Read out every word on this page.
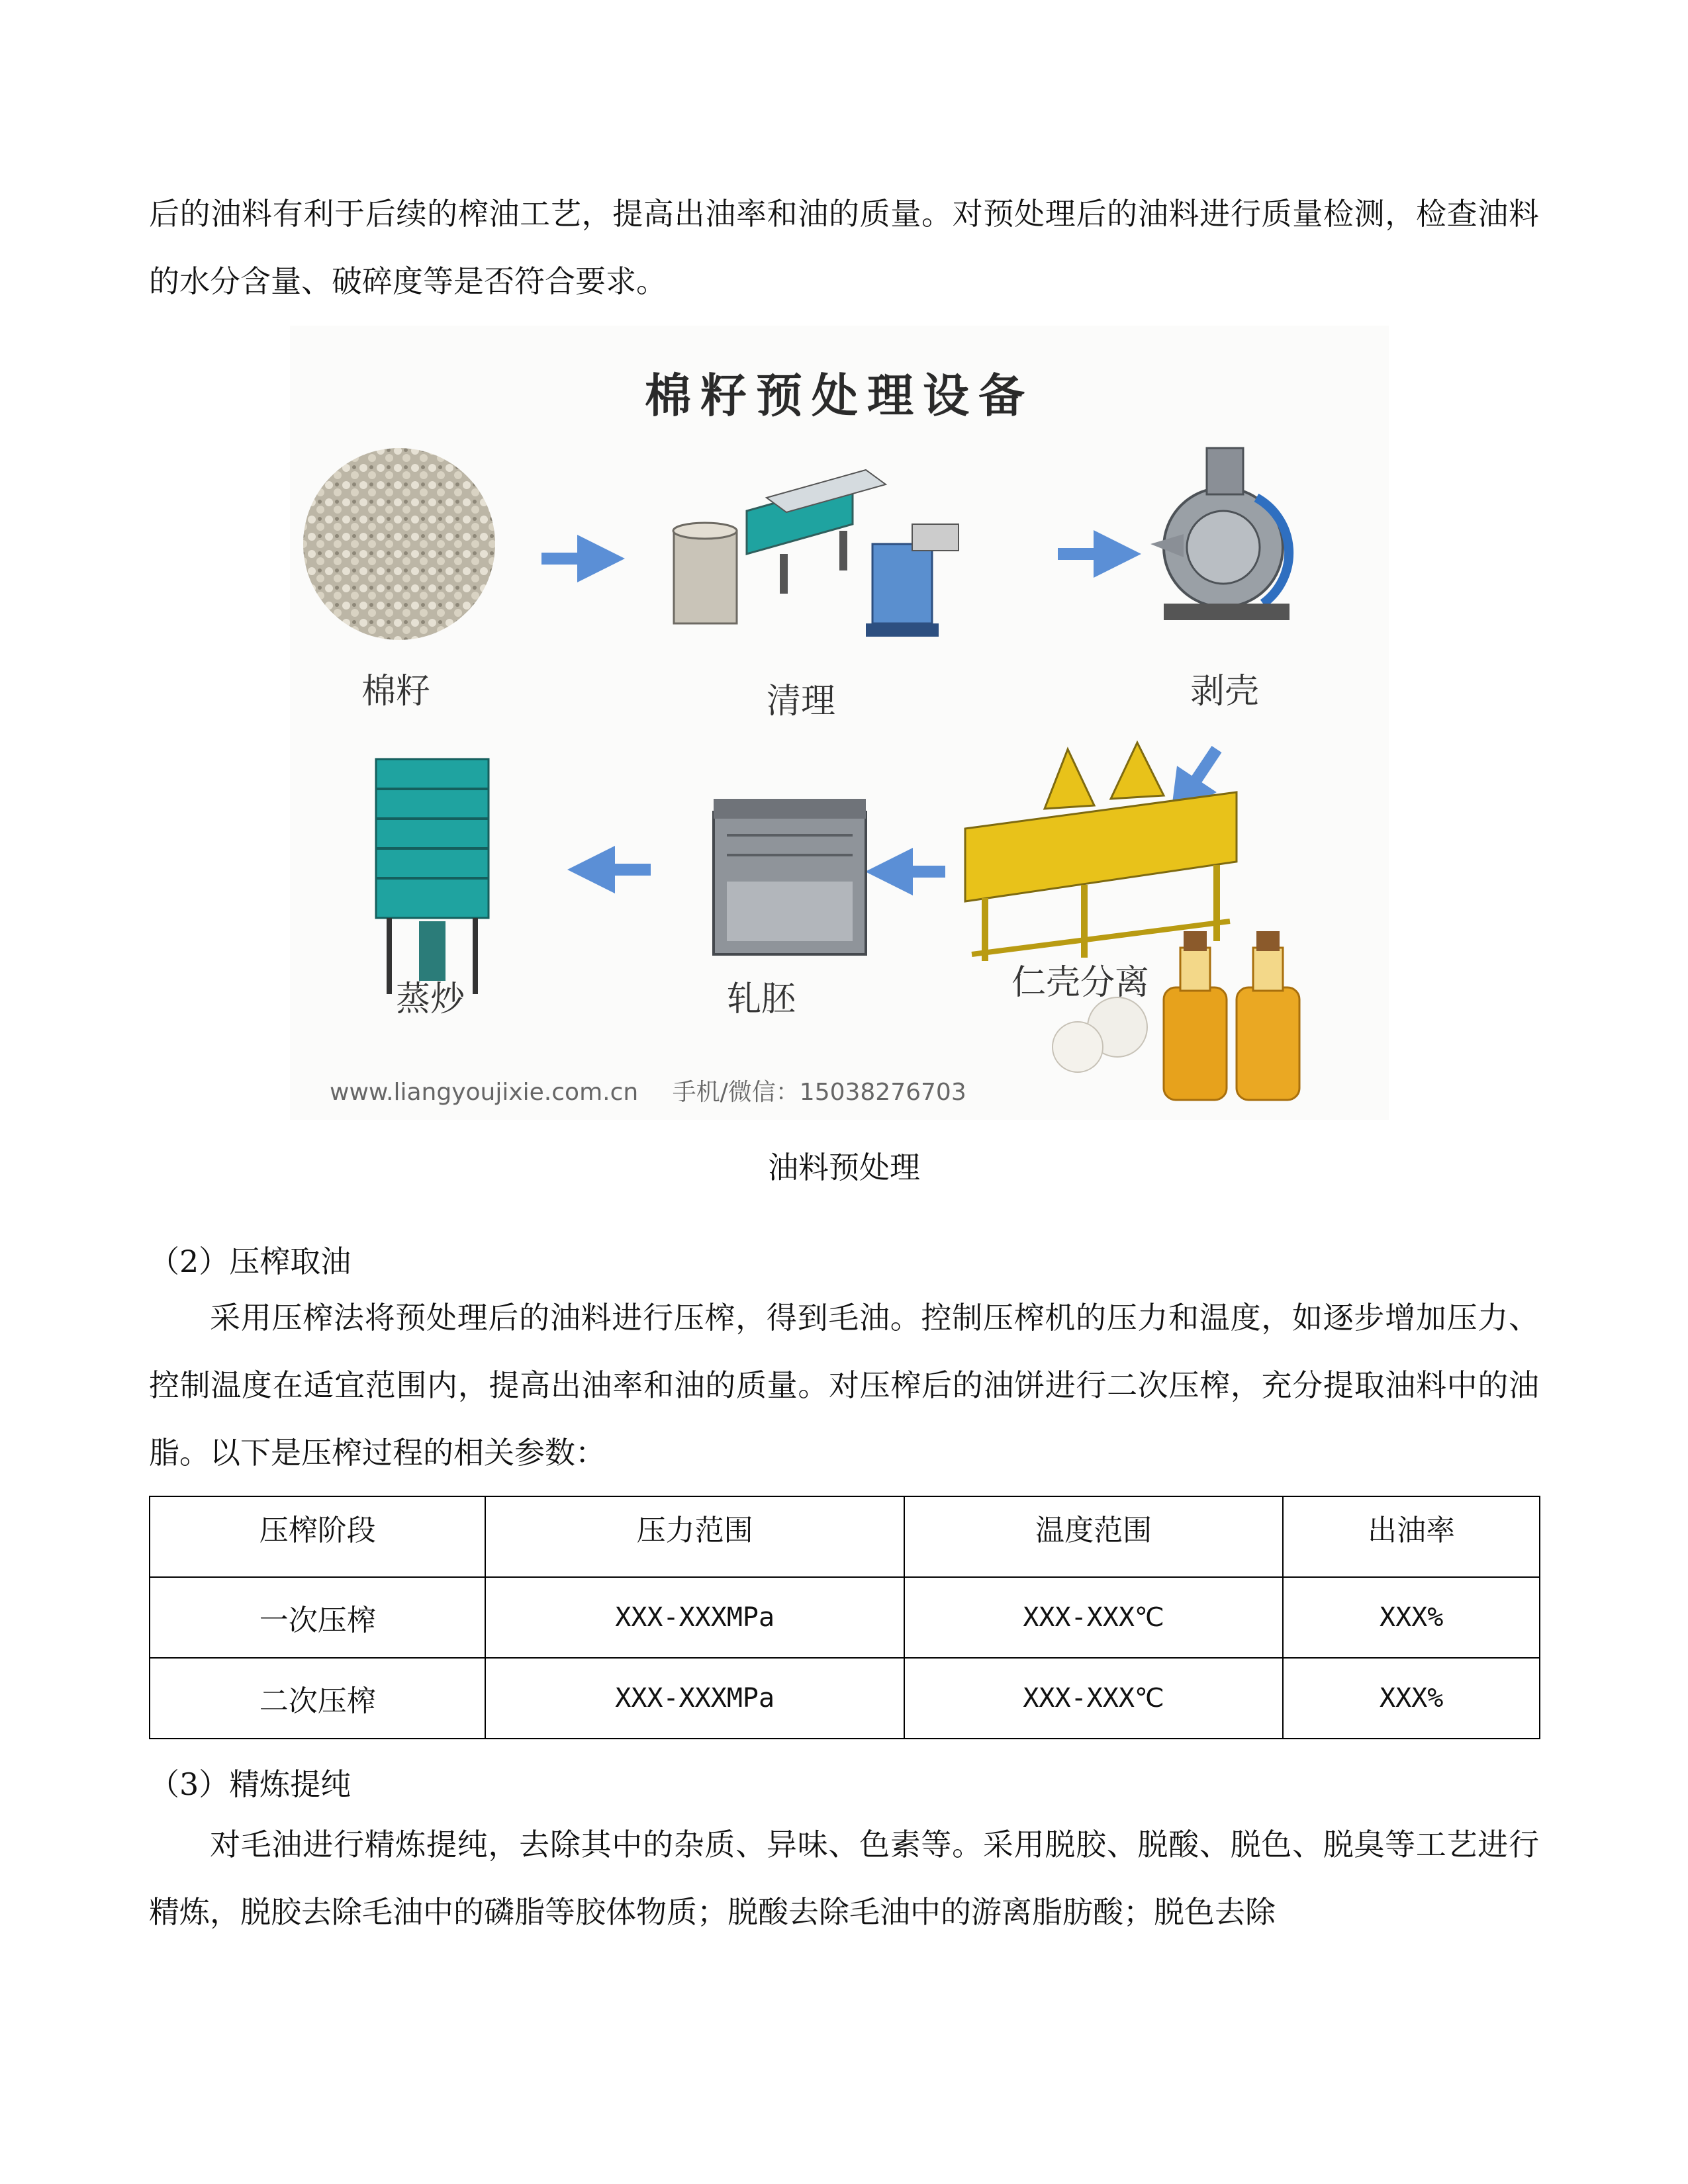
后的油料有利于后续的榨油工艺，提高出油率和油的质量。对预处理后的油料进行质量检测，检查油料的水分含量、破碎度等是否符合要求。

棉籽预处理设备
棉籽	清理	剥壳
仁壳分离
轧胚
蒸炒
www.liangyoujixie.com.cn 手机/微信：15038276703

油料预处理

（2）压榨取油

采用压榨法将预处理后的油料进行压榨，得到毛油。控制压榨机的压力和温度，如逐步增加压力、控制温度在适宜范围内，提高出油率和油的质量。对压榨后的油饼进行二次压榨，充分提取油料中的油脂。以下是压榨过程的相关参数：

压榨阶段	压力范围	温度范围	出油率
一次压榨	XXX-XXXMPa	XXX-XXX℃	XXX%
二次压榨	XXX-XXXMPa	XXX-XXX℃	XXX%

（3）精炼提纯

对毛油进行精炼提纯，去除其中的杂质、异味、色素等。采用脱胶、脱酸、脱色、脱臭等工艺进行精炼，脱胶去除毛油中的磷脂等胶体物质；脱酸去除毛油中的游离脂肪酸；脱色去除
